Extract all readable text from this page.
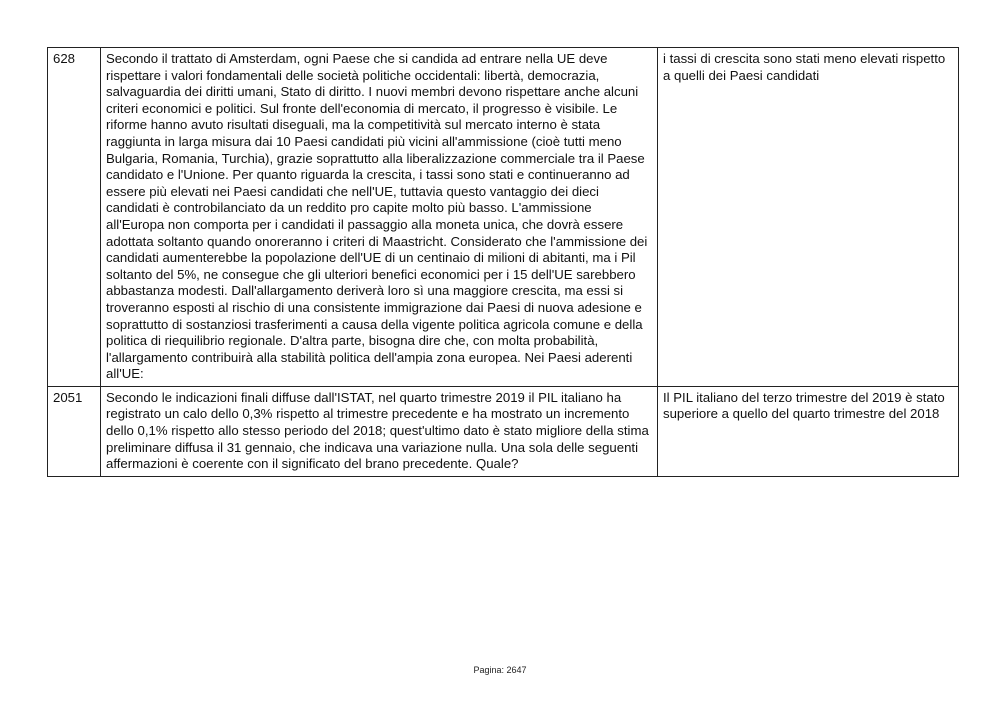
628	Secondo il trattato di Amsterdam, ogni Paese che si candida ad entrare nella UE deve rispettare i valori fondamentali delle società politiche occidentali: libertà, democrazia, salvaguardia dei diritti umani, Stato di diritto. I nuovi membri devono rispettare anche alcuni criteri economici e politici. Sul fronte dell'economia di mercato, il progresso è visibile. Le riforme hanno avuto risultati diseguali, ma la competitività sul mercato interno è stata raggiunta in larga misura dai 10 Paesi candidati più vicini all'ammissione (cioè tutti meno Bulgaria, Romania, Turchia), grazie soprattutto alla liberalizzazione commerciale tra il Paese candidato e l'Unione. Per quanto riguarda la crescita, i tassi sono stati e continueranno ad essere più elevati nei Paesi candidati che nell'UE, tuttavia questo vantaggio dei dieci candidati è controbilanciato da un reddito pro capite molto più basso. L'ammissione all'Europa non comporta per i candidati il passaggio alla moneta unica, che dovrà essere adottata soltanto quando onoreranno i criteri di Maastricht. Considerato che l'ammissione dei candidati aumenterebbe la popolazione dell'UE di un centinaio di milioni di abitanti, ma i Pil soltanto del 5%, ne consegue che gli ulteriori benefici economici per i 15 dell'UE sarebbero abbastanza modesti. Dall'allargamento deriverà loro sì una maggiore crescita, ma essi si troveranno esposti al rischio di una consistente immigrazione dai Paesi di nuova adesione e soprattutto di sostanziosi trasferimenti a causa della vigente politica agricola comune e della politica di riequilibrio regionale. D'altra parte, bisogna dire che, con molta probabilità, l'allargamento contribuirà alla stabilità politica dell'ampia zona europea. Nei Paesi aderenti all'UE:	i tassi di crescita sono stati meno elevati rispetto a quelli dei Paesi candidati
2051	Secondo le indicazioni finali diffuse dall'ISTAT, nel quarto trimestre 2019 il PIL italiano ha registrato un calo dello 0,3% rispetto al trimestre precedente e ha mostrato un incremento dello 0,1% rispetto allo stesso periodo del 2018; quest'ultimo dato è stato migliore della stima preliminare diffusa il 31 gennaio, che indicava una variazione nulla. Una sola delle seguenti affermazioni è coerente con il significato del brano precedente. Quale?	Il PIL italiano del terzo trimestre del 2019 è stato superiore a quello del quarto trimestre del 2018
Pagina: 2647
